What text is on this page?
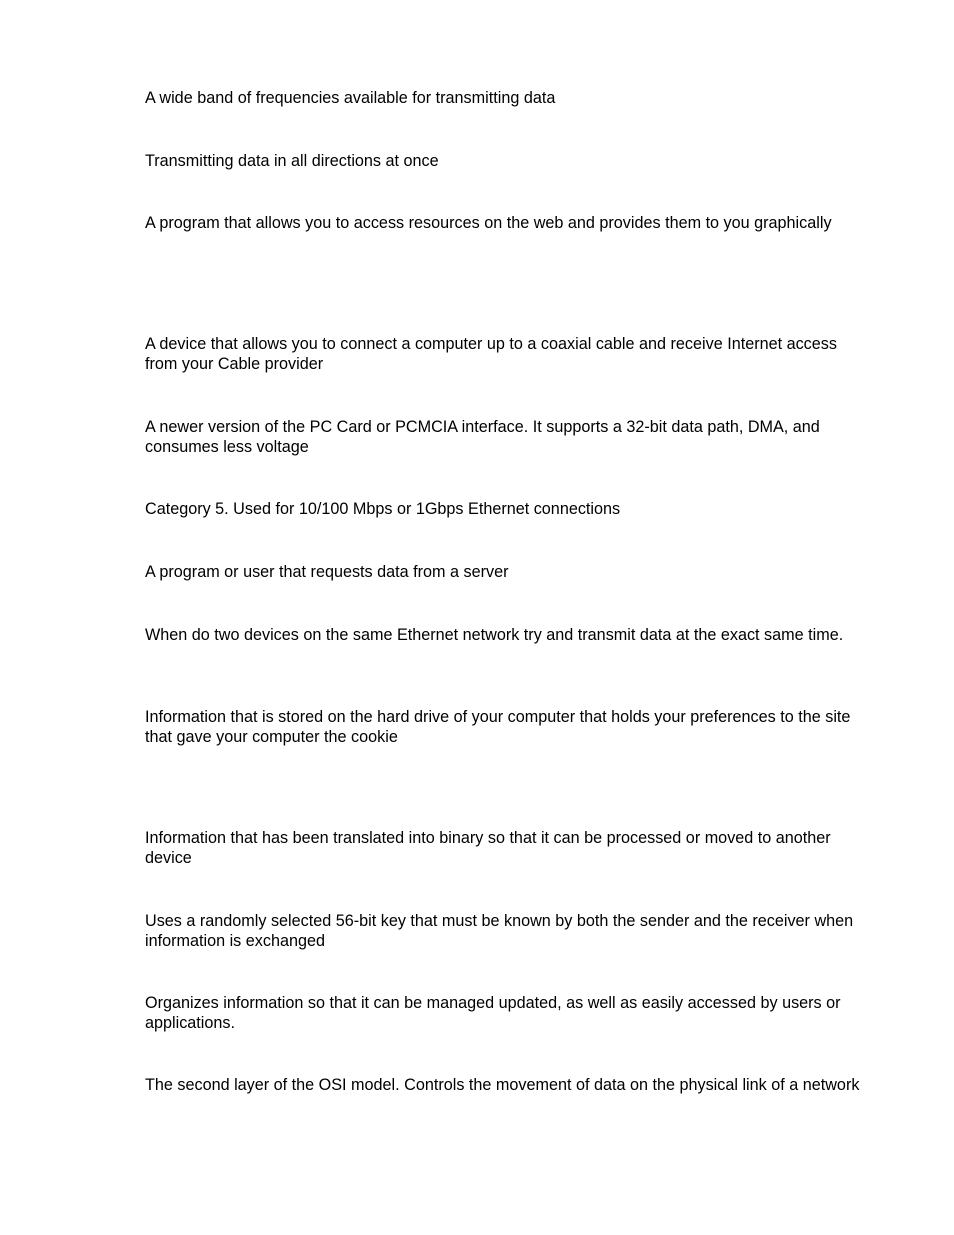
A wide band of frequencies available for transmitting data

Transmitting data in all directions at once

A program that allows you to access resources on the web and provides them to you graphically

A device that allows you to connect a computer up to a coaxial cable and receive Internet access from your Cable provider

A newer version of the PC Card or PCMCIA interface. It supports a 32-bit data path, DMA, and consumes less voltage

Category 5. Used for 10/100 Mbps or 1Gbps Ethernet connections

A program or user that requests data from a server

When do two devices on the same Ethernet network try and transmit data at the exact same time.

Information that is stored on the hard drive of your computer that holds your preferences to the site that gave your computer the cookie

Information that has been translated into binary so that it can be processed or moved to another device

Uses a randomly selected 56-bit key that must be known by both the sender and the receiver when information is exchanged

Organizes information so that it can be managed updated, as well as easily accessed by users or applications.

The second layer of the OSI model. Controls the movement of data on the physical link of a network
